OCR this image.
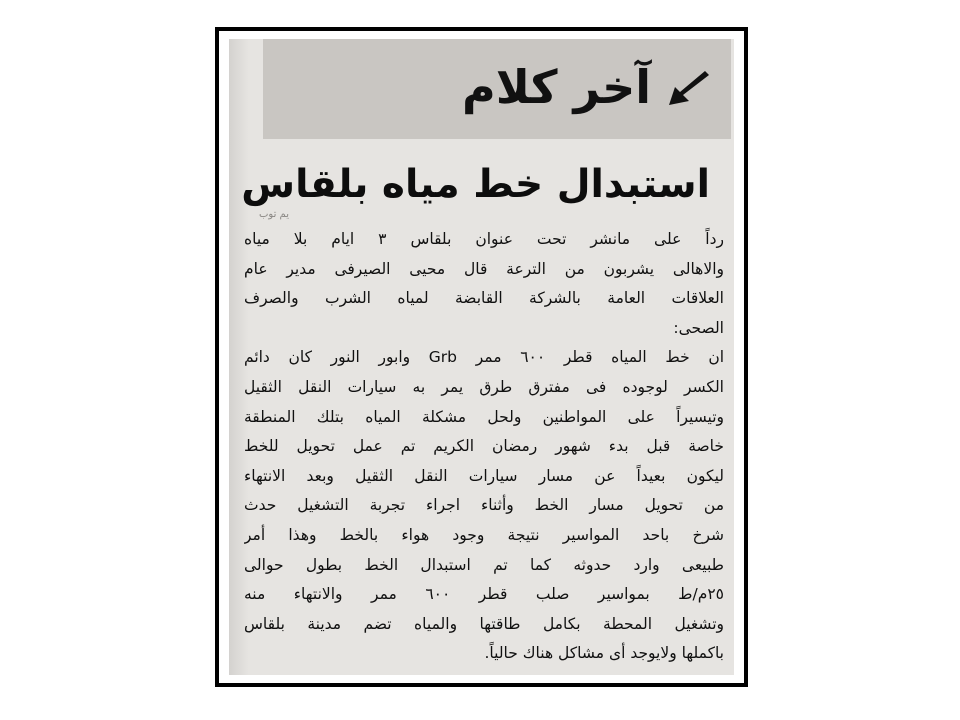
آخر كلام
استبدال خط مياه بلقاس
يم توب
رداً على مانشر تحت عنوان بلقاس ٣ ايام بلا مياه
والاهالى يشربون من الترعة قال محيى الصيرفى مدير عام
العلاقات العامة بالشركة القابضة لمياه الشرب والصرف
الصحى:
ان خط المياه قطر ٦٠٠ ممر Grb وابور النور كان دائم
الكسر لوجوده فى مفترق طرق يمر به سيارات النقل الثقيل
وتيسيراً على المواطنين ولحل مشكلة المياه بتلك المنطقة
خاصة قبل بدء شهور رمضان الكريم تم عمل تحويل للخط
ليكون بعيداً عن مسار سيارات النقل الثقيل وبعد الانتهاء
من تحويل مسار الخط وأثناء اجراء تجربة التشغيل حدث
شرخ باحد المواسير نتيجة وجود هواء بالخط وهذا أمر
طبيعى وارد حدوثه كما تم استبدال الخط بطول حوالى
٢٥م/ط بمواسير صلب قطر ٦٠٠ ممر والانتهاء منه
وتشغيل المحطة بكامل طاقتها والمياه تضم مدينة بلقاس
باكملها ولايوجد أى مشاكل هناك حالياً.
